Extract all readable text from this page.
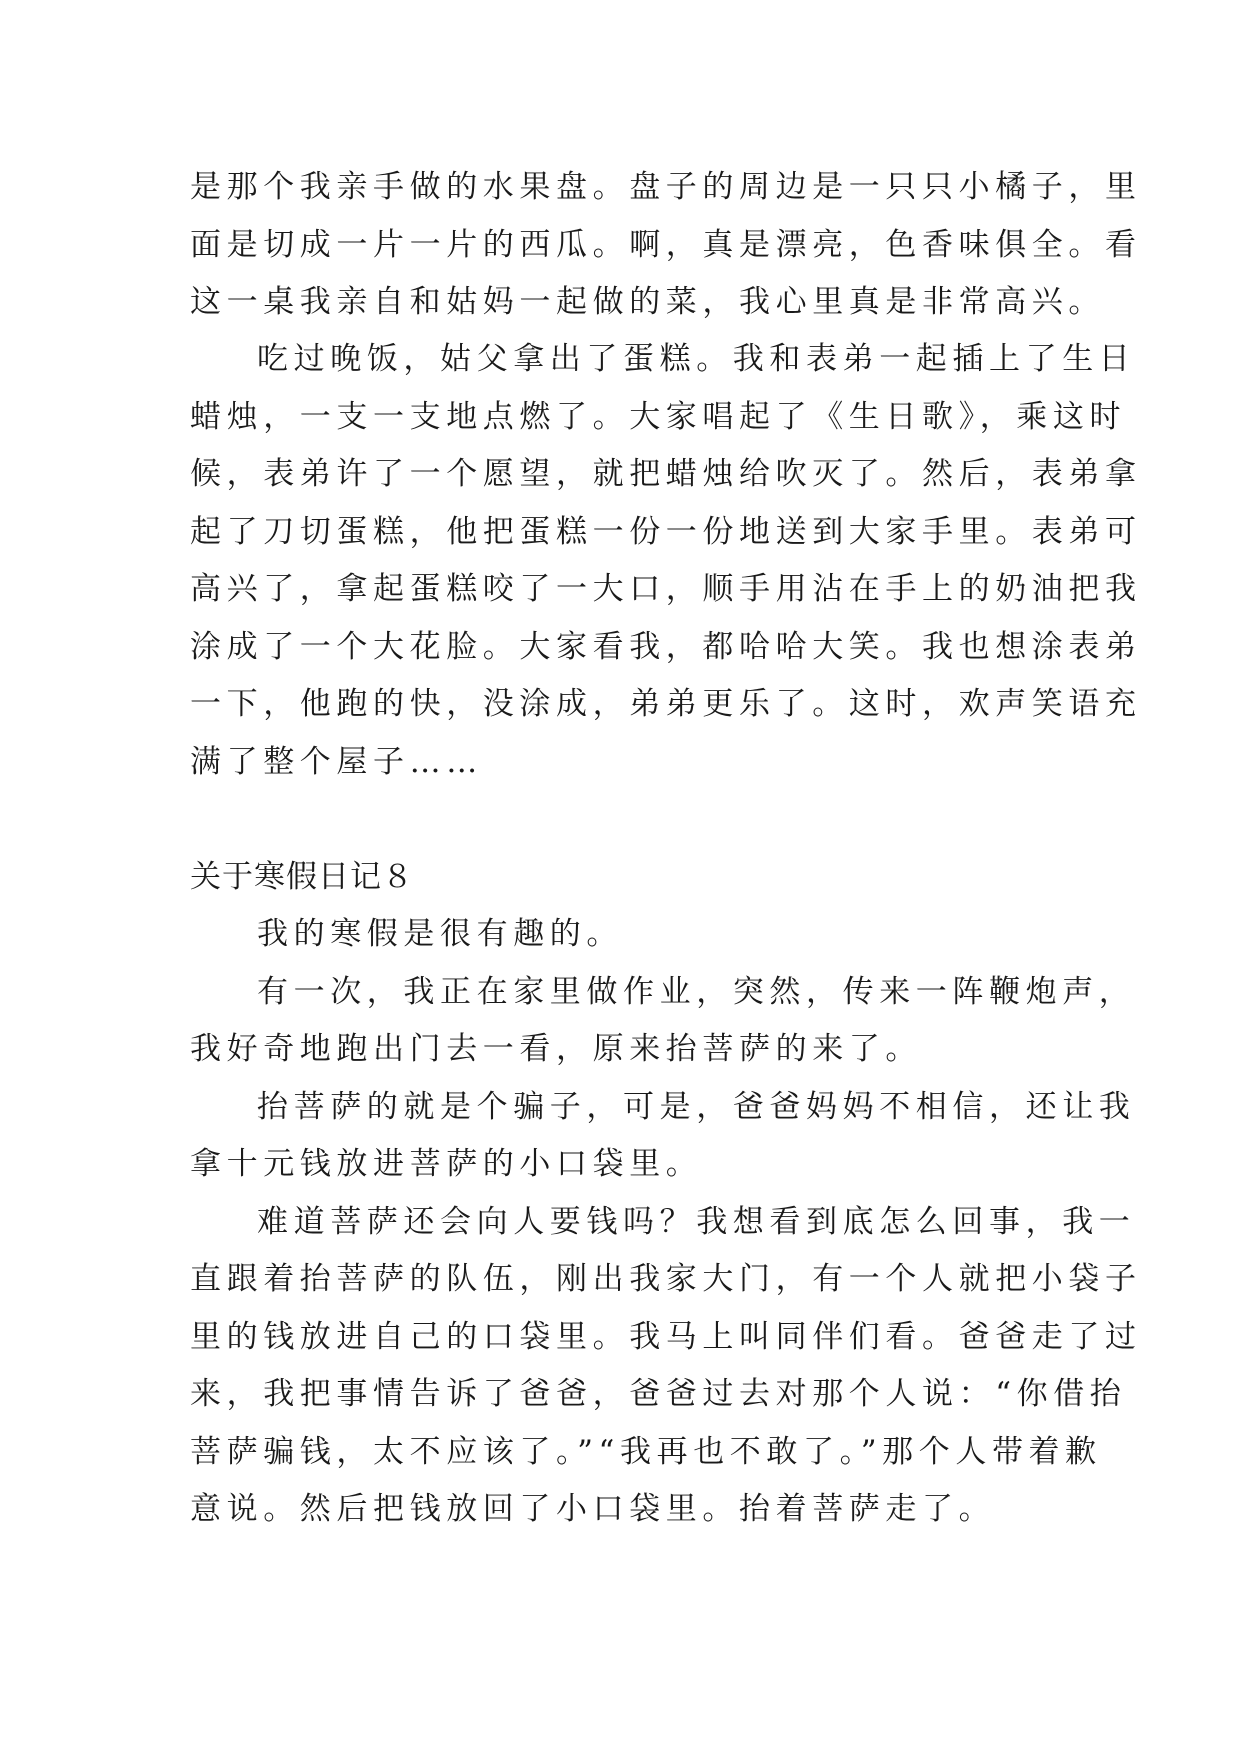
是那个我亲手做的水果盘。盘子的周边是一只只小橘子，里
面是切成一片一片的西瓜。啊，真是漂亮，色香味俱全。看
这一桌我亲自和姑妈一起做的菜，我心里真是非常高兴。
吃过晚饭，姑父拿出了蛋糕。我和表弟一起插上了生日
蜡烛，一支一支地点燃了。大家唱起了《生日歌》，乘这时
候，表弟许了一个愿望，就把蜡烛给吹灭了。然后，表弟拿
起了刀切蛋糕，他把蛋糕一份一份地送到大家手里。表弟可
高兴了，拿起蛋糕咬了一大口，顺手用沾在手上的奶油把我
涂成了一个大花脸。大家看我，都哈哈大笑。我也想涂表弟
一下，他跑的快，没涂成，弟弟更乐了。这时，欢声笑语充
满了整个屋子……
关于寒假日记８
我的寒假是很有趣的。
有一次，我正在家里做作业，突然，传来一阵鞭炮声，
我好奇地跑出门去一看，原来抬菩萨的来了。
抬菩萨的就是个骗子，可是，爸爸妈妈不相信，还让我
拿十元钱放进菩萨的小口袋里。
难道菩萨还会向人要钱吗？我想看到底怎么回事，我一
直跟着抬菩萨的队伍，刚出我家大门，有一个人就把小袋子
里的钱放进自己的口袋里。我马上叫同伴们看。爸爸走了过
来，我把事情告诉了爸爸，爸爸过去对那个人说：“你借抬
菩萨骗钱，太不应该了。”“我再也不敢了。”那个人带着歉
意说。然后把钱放回了小口袋里。抬着菩萨走了。
